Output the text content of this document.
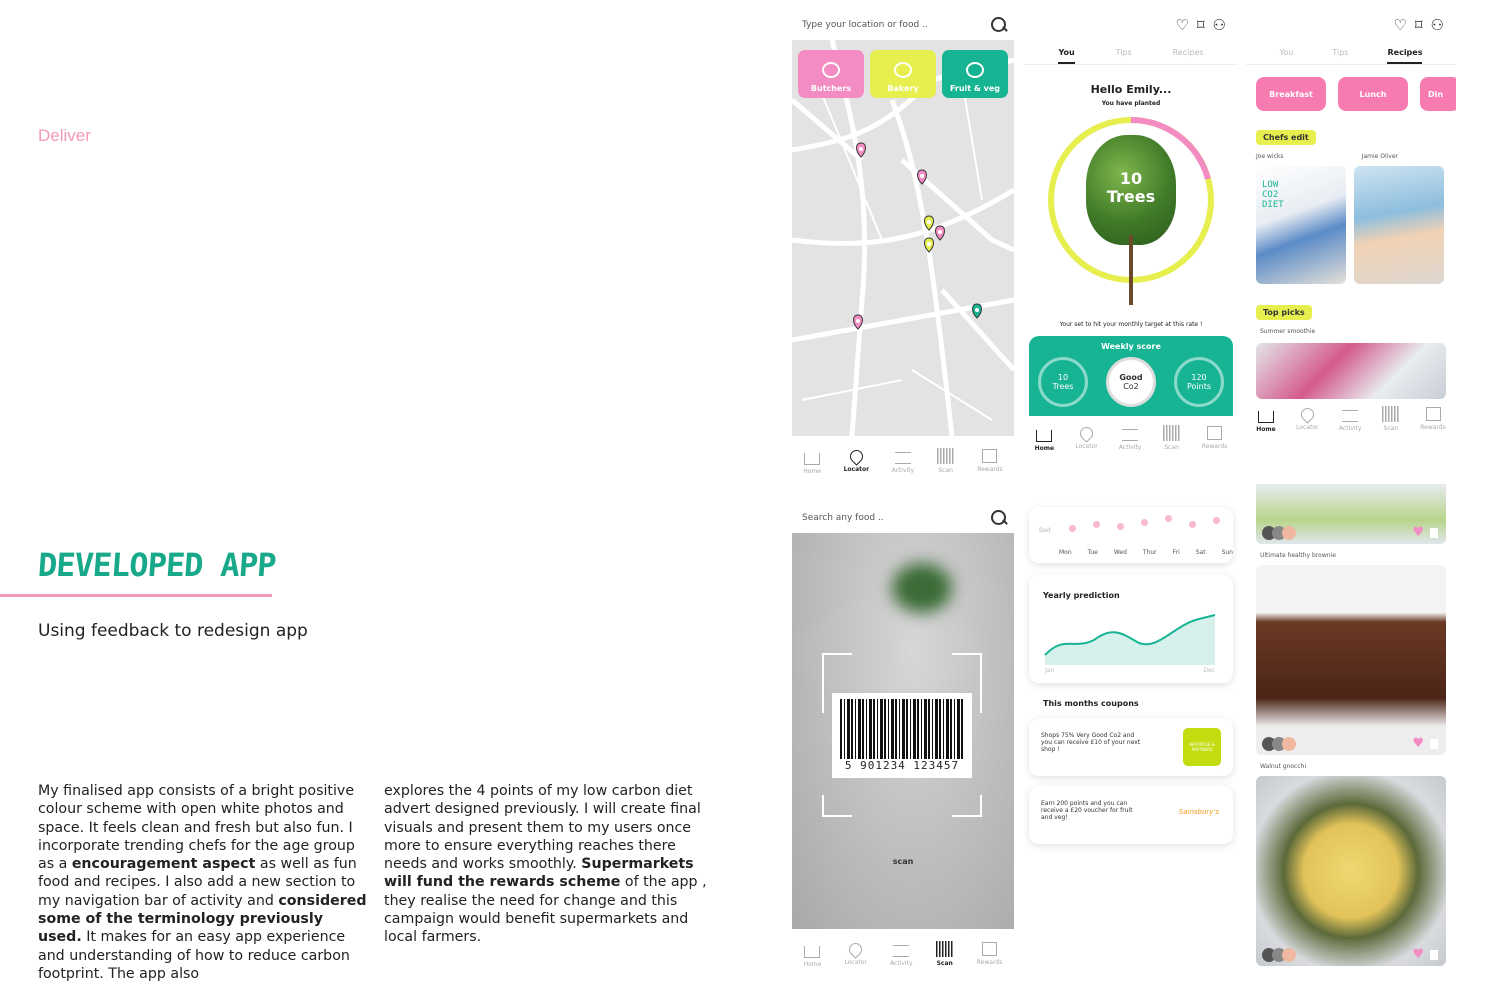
Deliver
DEVELOPED APP
Using feedback to redesign app
My finalised app consists of a bright positive colour scheme with open white photos and space. It feels clean and fresh but also fun. I incorporate trending chefs for the age group as a encouragement aspect as well as fun food and recipes. I also add a new section to my navigation bar of activity and considered some of the terminology previously used. It makes for an easy app experience and understanding of how to reduce carbon footprint. The app also
explores the 4 points of my low carbon diet advert designed previously. I will create final visuals and present them to my users once more to ensure everything reaches there needs and works smoothly. Supermarkets will fund the rewards scheme of the app , they realise the need for change and this campaign would benefit supermarkets and local farmers.
Type your location or food ..
Butchers	Bakery	Fruit & veg
Home	Locator	Activity	Scan	Rewards
Search any food ..
5 901234 123457
scan
Home	Locator	Activity	Scan	Rewards
♡ ⌑ ⚇
You	Tips	Recipes
Hello Emily...
You have planted
10
Trees
Your set to hit your monthly target at this rate !
Weekly score
10
Trees
Good
Co2
120
Points
Home	Locator	Activity	Scan	Rewards
Bad
Mon	Tue	Wed	Thur	Fri	Sat	Sun
Yearly prediction
Jan	Dec
This months coupons
Shops 75% Very Good Co2 and you can receive £10 of your next shop !
WAITROSE & PARTNERS
Earn 200 points and you can receive a £20 voucher for fruit and veg!
Sainsbury's
♡ ⌑ ⚇
You	Tips	Recipes
Breakfast	Lunch	Din
Chefs edit
Joe wicks	Jamie Oliver
LOW CO2 DIET
Top picks
Summer smoothie
Home	Locator	Activity	Scan	Rewards
♥
Ultimate healthy brownie
♥
Walnut gnocchi
♥
